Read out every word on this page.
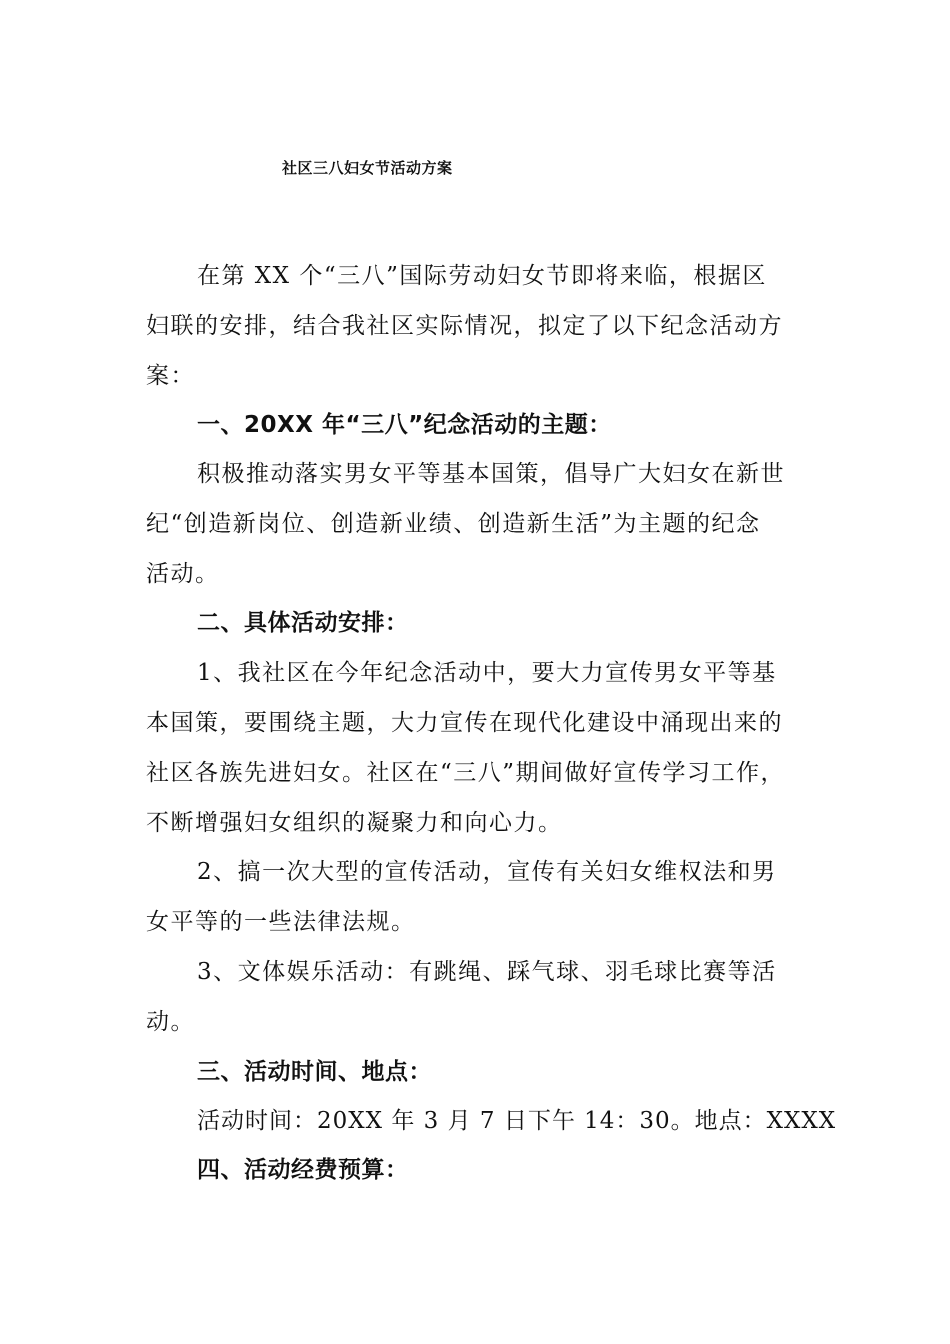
社区三八妇女节活动方案
在第 XX 个“三八”国际劳动妇女节即将来临，根据区
妇联的安排，结合我社区实际情况，拟定了以下纪念活动方
案：
一、20XX 年“三八”纪念活动的主题：
积极推动落实男女平等基本国策，倡导广大妇女在新世
纪“创造新岗位、创造新业绩、创造新生活”为主题的纪念
活动。
二、具体活动安排：
1、我社区在今年纪念活动中，要大力宣传男女平等基
本国策，要围绕主题，大力宣传在现代化建设中涌现出来的
社区各族先进妇女。社区在“三八”期间做好宣传学习工作，
不断增强妇女组织的凝聚力和向心力。
2、搞一次大型的宣传活动，宣传有关妇女维权法和男
女平等的一些法律法规。
3、文体娱乐活动：有跳绳、踩气球、羽毛球比赛等活
动。
三、活动时间、地点：
活动时间：20XX 年 3 月 7 日下午 14：30。地点：XXXX
四、活动经费预算：
